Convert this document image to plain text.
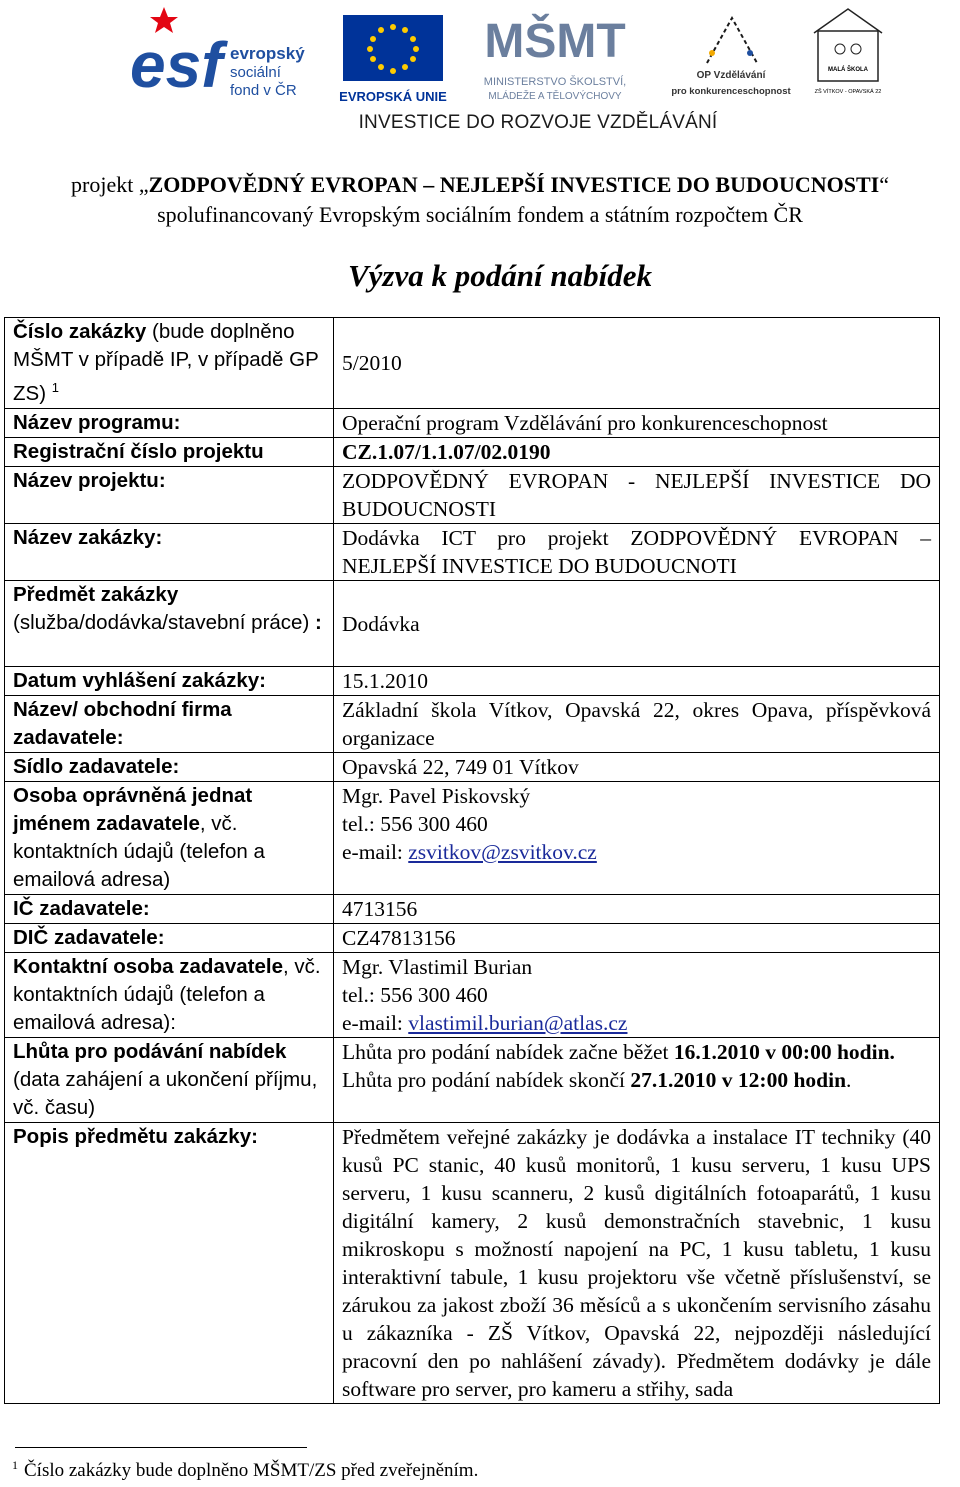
esf evropský
sociální
fond v ČR	EVROPSKÁ UNIE
MŠMT
MINISTERSTVO ŠKOLSTVÍ,
MLÁDEŽE A TĚLOVÝCHOVY
OP Vzdělávání
pro konkurenceschopnost
MALÁ ŠKOLA
ZŠ VÍTKOV - OPAVSKÁ 22
INVESTICE DO ROZVOJE VZDĚLÁVÁNÍ
projekt „ZODPOVĚDNÝ EVROPAN – NEJLEPŠÍ INVESTICE DO BUDOUCNOSTI“
spolufinancovaný Evropským sociálním fondem a státním rozpočtem ČR
Výzva k podání nabídek
Číslo zakázky (bude doplněno MŠMT v případě IP, v případě GP ZS) $^1$	5/2010
Název programu:	Operační program Vzdělávání pro konkurenceschopnost
Registrační číslo projektu	CZ.1.07/1.1.07/02.0190
Název projektu:	ZODPOVĚDNÝ EVROPAN - NEJLEPŠÍ INVESTICE DO BUDOUCNOSTI
Název zakázky:	Dodávka ICT pro projekt ZODPOVĚDNÝ EVROPAN – NEJLEPŠÍ INVESTICE DO BUDOUCNOTI
Předmět zakázky
(služba/dodávka/stavební práce) :	Dodávka
Datum vyhlášení zakázky:	15.1.2010
Název/ obchodní firma zadavatele:	Základní škola Vítkov, Opavská 22, okres Opava, příspěvková organizace
Sídlo zadavatele:	Opavská 22, 749 01 Vítkov
Osoba oprávněná jednat jménem zadavatele, vč. kontaktních údajů (telefon a emailová adresa)	Mgr. Pavel Piskovský
tel.: 556 300 460
e-mail: zsvitkov@zsvitkov.cz

IČ zadavatele:	4713156
DIČ zadavatele:	CZ47813156
Kontaktní osoba zadavatele, vč. kontaktních údajů (telefon a emailová adresa):	Mgr. Vlastimil Burian
tel.: 556 300 460
e-mail: vlastimil.burian@atlas.cz

Lhůta pro podávání nabídek (data zahájení a ukončení příjmu, vč. času)	Lhůta pro podání nabídek začne běžet 16.1.2010 v 00:00 hodin.
Lhůta pro podání nabídek skončí 27.1.2010 v 12:00 hodin.

Popis předmětu zakázky:	Předmětem veřejné zakázky je dodávka a instalace IT techniky (40 kusů PC stanic, 40 kusů monitorů, 1 kusu serveru, 1 kusu UPS serveru, 1 kusu scanneru, 2 kusů digitálních fotoaparátů, 1 kusu digitální kamery, 2 kusů demonstračních stavebnic, 1 kusu mikroskopu s možností napojení na PC, 1 kusu tabletu, 1 kusu interaktivní tabule, 1 kusu projektoru vše včetně příslušenství, se zárukou za jakost zboží 36 měsíců a s ukončením servisního zásahu u zákazníka - ZŠ Vítkov, Opavská 22, nejpozději následující pracovní den po nahlášení závady). Předmětem dodávky je dále software pro server, pro kameru a střihy, sada
$^1$ Číslo zakázky bude doplněno MŠMT/ZS před zveřejněním.
